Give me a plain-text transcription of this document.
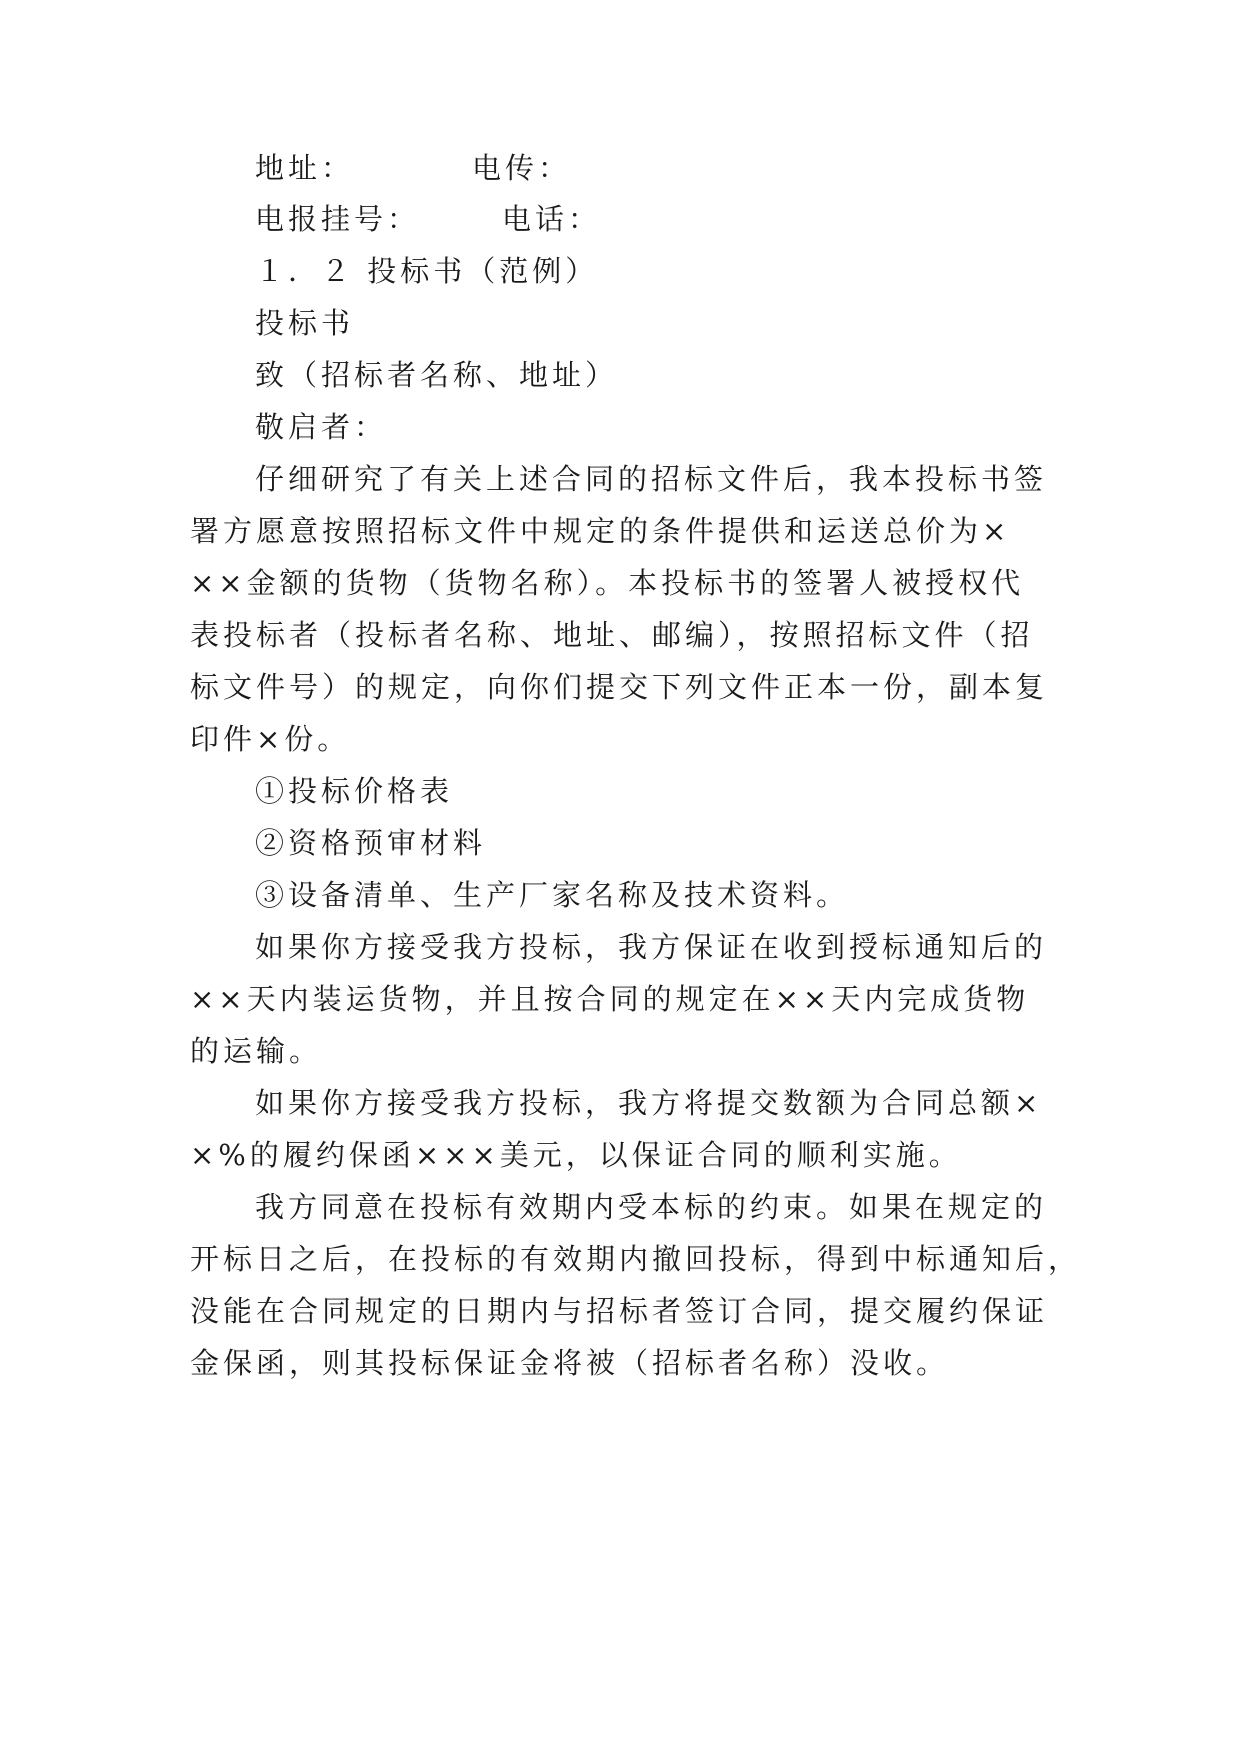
地址：	电传：
电报挂号：	电话：
１．２ 投标书（范例）
投标书
致（招标者名称、地址）
敬启者：
仔细研究了有关上述合同的招标文件后，我本投标书签
署方愿意按照招标文件中规定的条件提供和运送总价为×
××金额的货物（货物名称）。本投标书的签署人被授权代
表投标者（投标者名称、地址、邮编），按照招标文件（招
标文件号）的规定，向你们提交下列文件正本一份，副本复
印件×份。
①投标价格表
②资格预审材料
③设备清单、生产厂家名称及技术资料。
如果你方接受我方投标，我方保证在收到授标通知后的
××天内装运货物，并且按合同的规定在××天内完成货物
的运输。
如果你方接受我方投标，我方将提交数额为合同总额×
×%的履约保函×××美元，以保证合同的顺利实施。
我方同意在投标有效期内受本标的约束。如果在规定的
开标日之后，在投标的有效期内撤回投标，得到中标通知后，
没能在合同规定的日期内与招标者签订合同，提交履约保证
金保函，则其投标保证金将被（招标者名称）没收。
